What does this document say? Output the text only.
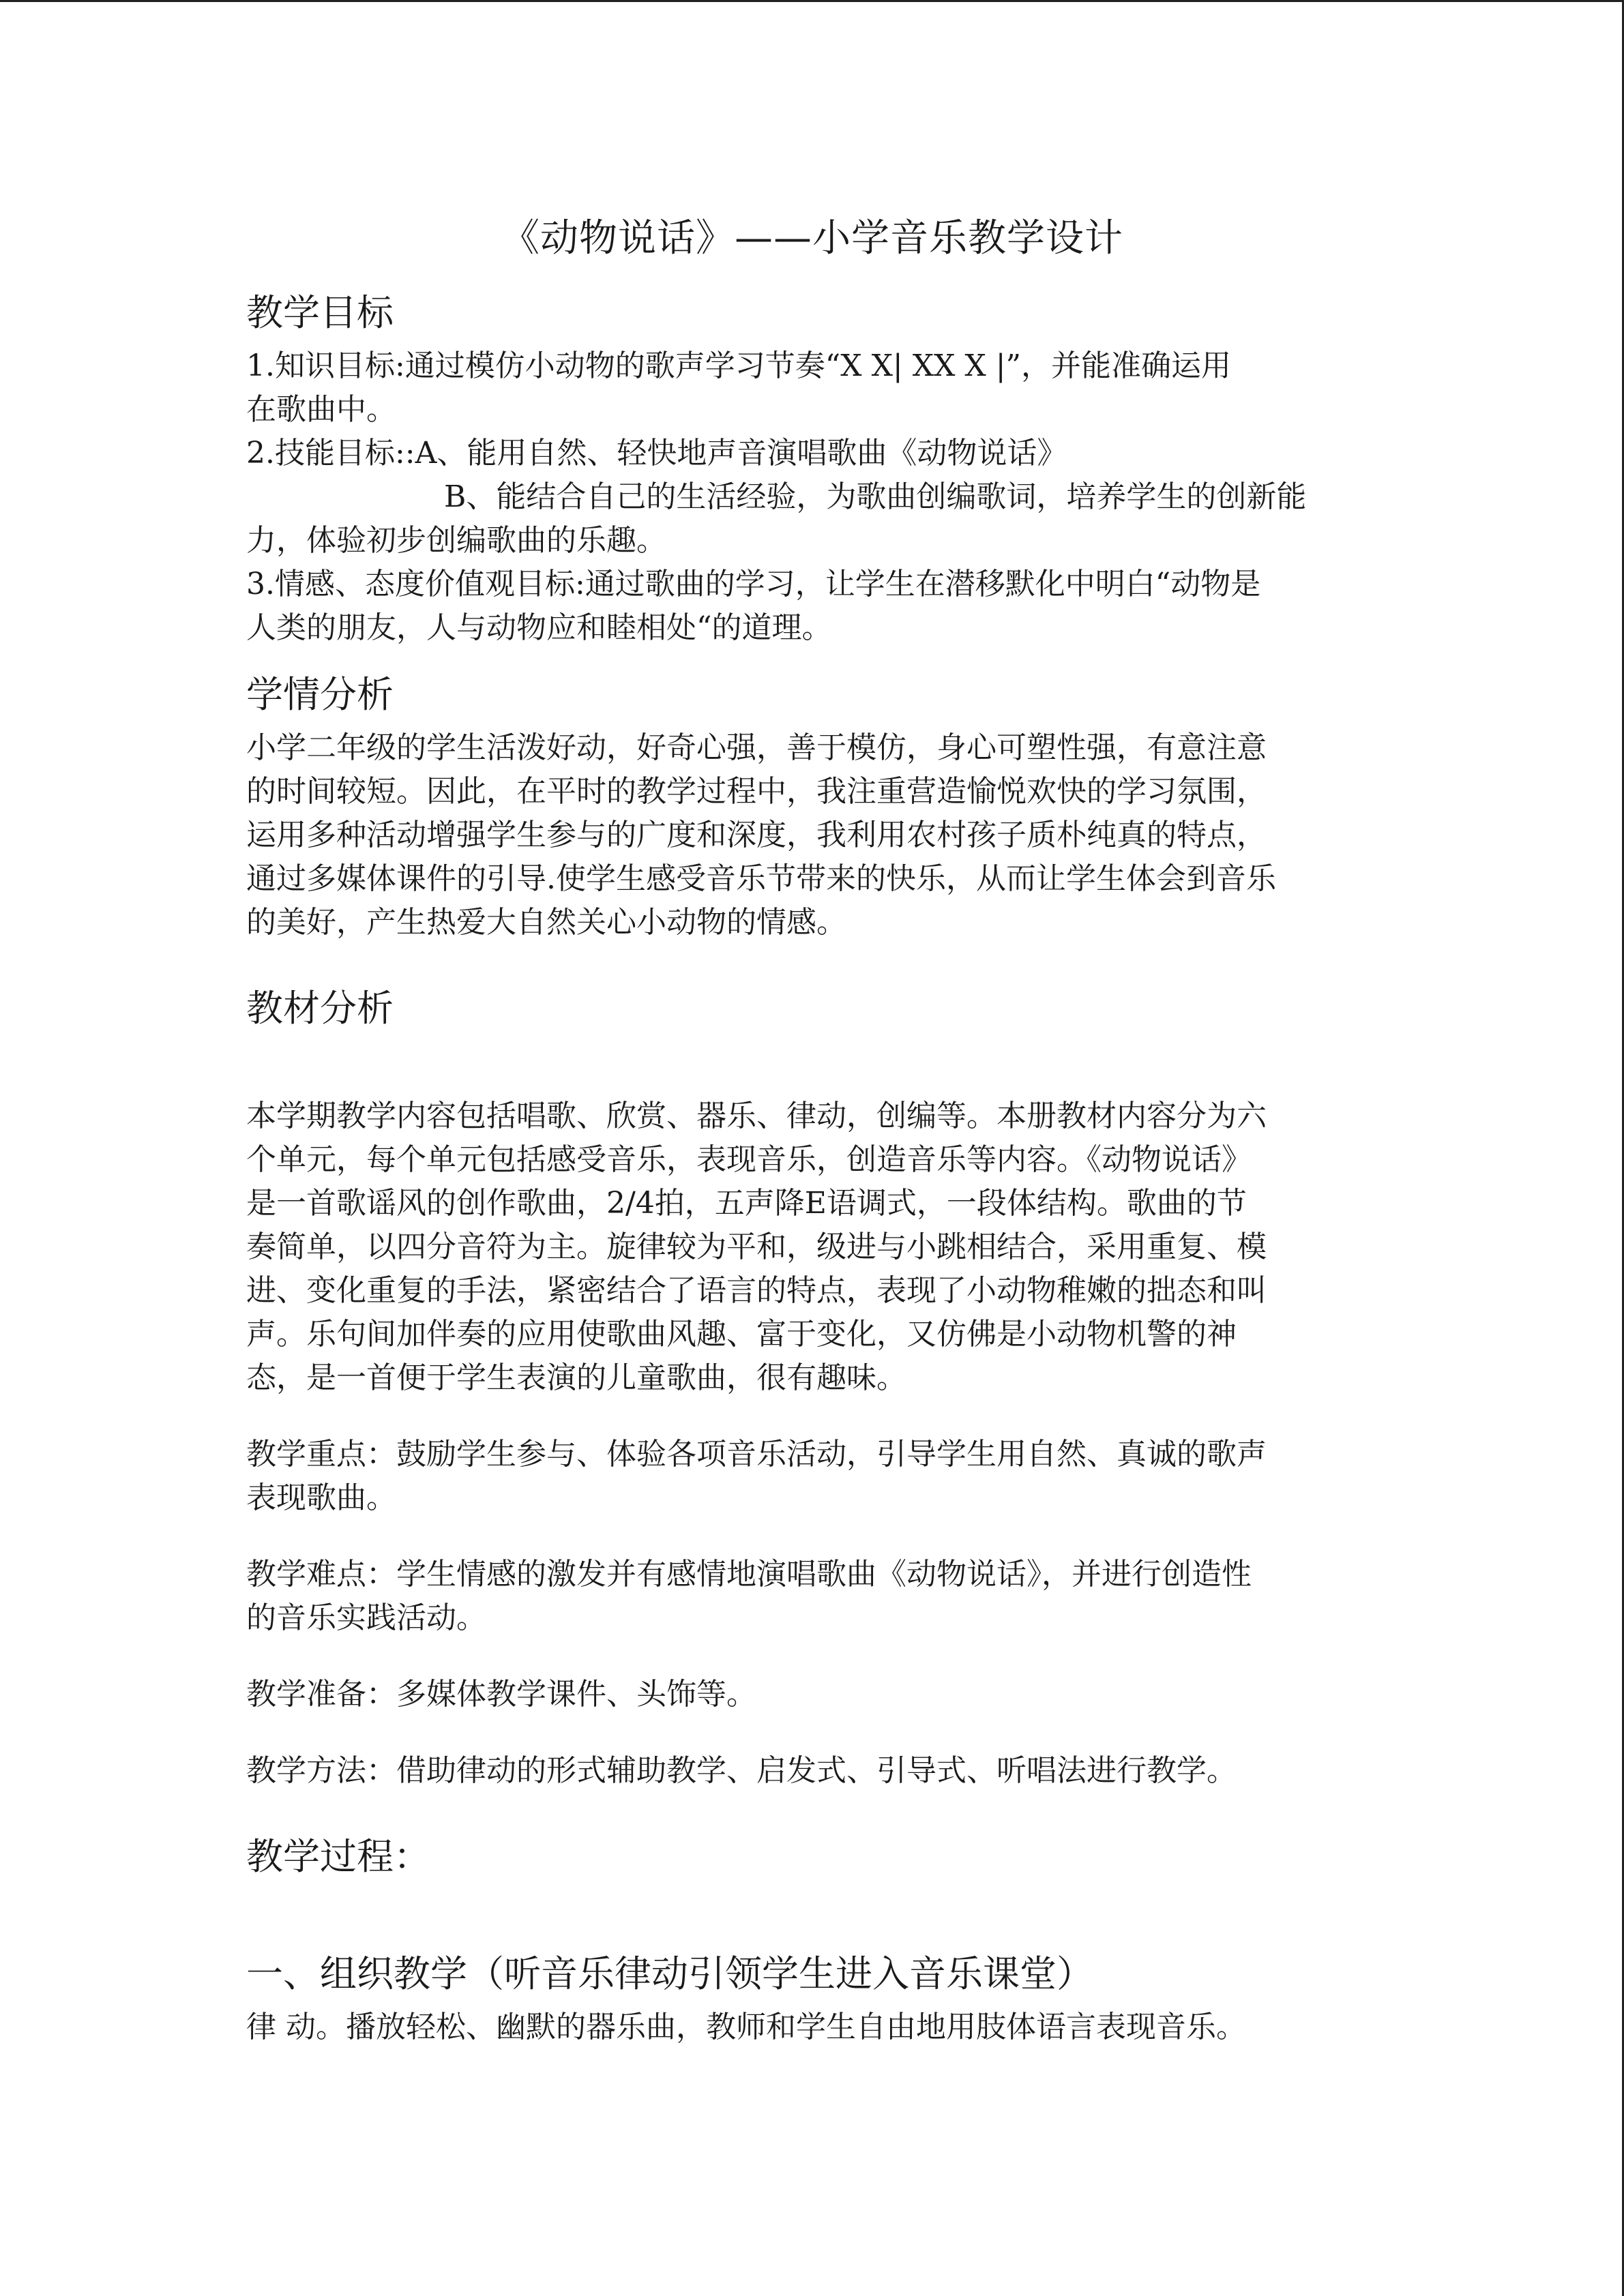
《动物说话》——小学音乐教学设计
教学目标

1.知识目标:通过模仿小动物的歌声学习节奏“X X| XX X |”，并能准确运用

在歌曲中。

2.技能目标::A、能用自然、轻快地声音演唱歌曲《动物说话》

B、能结合自己的生活经验，为歌曲创编歌词，培养学生的创新能

力，体验初步创编歌曲的乐趣。

3.情感、态度价值观目标:通过歌曲的学习，让学生在潜移默化中明白“动物是

人类的朋友，人与动物应和睦相处“的道理。

学情分析

小学二年级的学生活泼好动，好奇心强，善于模仿，身心可塑性强，有意注意

的时间较短。因此，在平时的教学过程中，我注重营造愉悦欢快的学习氛围，

运用多种活动增强学生参与的广度和深度，我利用农村孩子质朴纯真的特点，

通过多媒体课件的引导.使学生感受音乐节带来的快乐，从而让学生体会到音乐

的美好，产生热爱大自然关心小动物的情感。

教材分析

本学期教学内容包括唱歌、欣赏、器乐、律动，创编等。本册教材内容分为六

个单元，每个单元包括感受音乐，表现音乐，创造音乐等内容。《动物说话》

是一首歌谣风的创作歌曲，2/4拍，五声降E语调式，一段体结构。歌曲的节

奏简单，以四分音符为主。旋律较为平和，级进与小跳相结合，采用重复、模

进、变化重复的手法，紧密结合了语言的特点，表现了小动物稚嫩的拙态和叫

声。乐句间加伴奏的应用使歌曲风趣、富于变化，又仿佛是小动物机警的神

态，是一首便于学生表演的儿童歌曲，很有趣味。

教学重点：鼓励学生参与、体验各项音乐活动，引导学生用自然、真诚的歌声

表现歌曲。

教学难点：学生情感的激发并有感情地演唱歌曲《动物说话》，并进行创造性

的音乐实践活动。

教学准备：多媒体教学课件、头饰等。

教学方法：借助律动的形式辅助教学、启发式、引导式、听唱法进行教学。

教学过程：
一、组织教学（听音乐律动引领学生进入音乐课堂）

律 动。播放轻松、幽默的器乐曲，教师和学生自由地用肢体语言表现音乐。
